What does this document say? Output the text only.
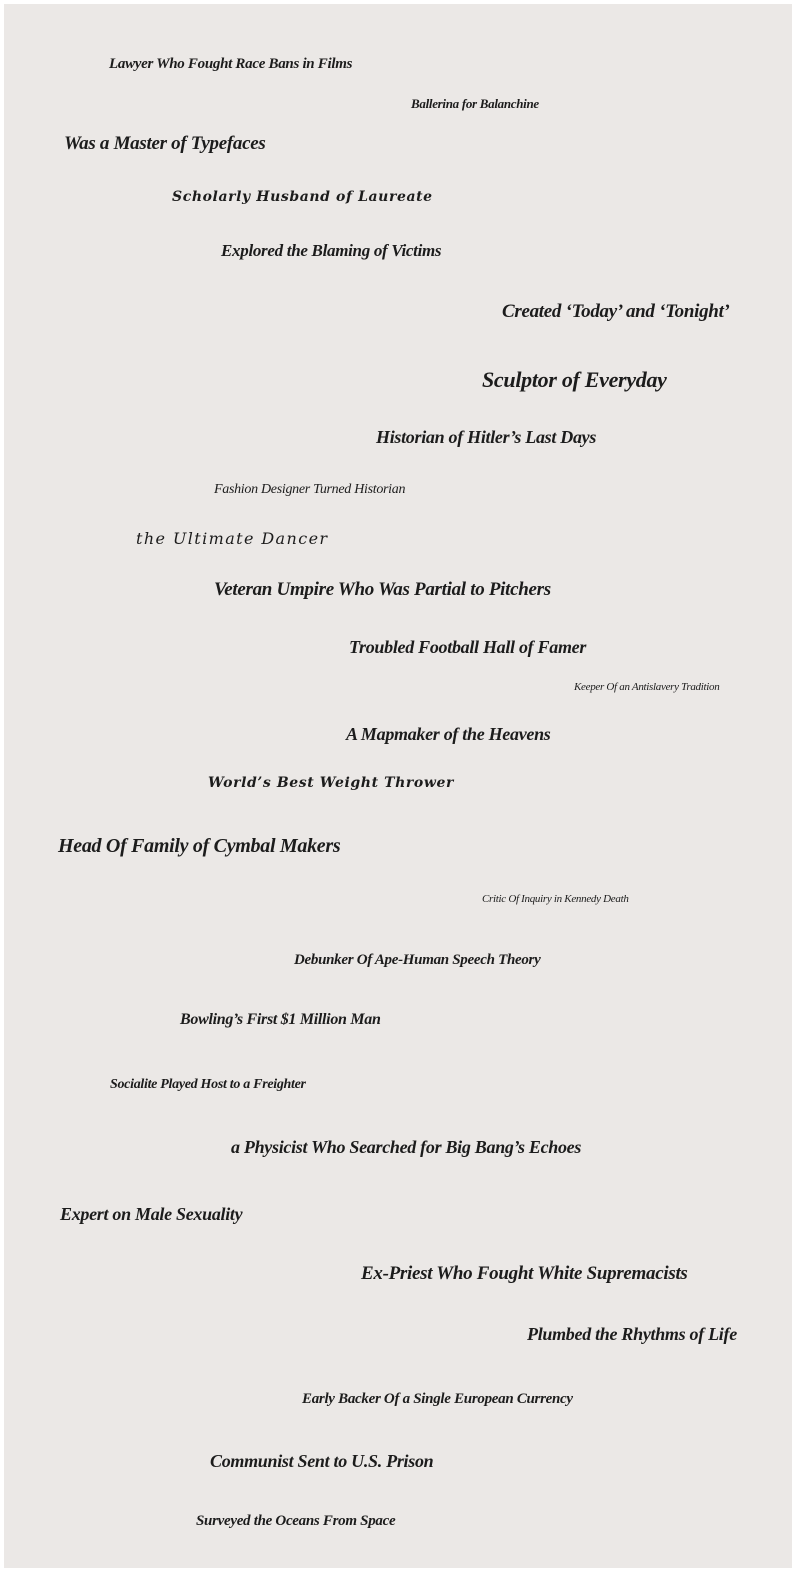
Lawyer Who Fought Race Bans in Films
Ballerina for Balanchine
Was a Master of Typefaces
Scholarly Husband of Laureate
Explored the Blaming of Victims
Created ‘Today’ and ‘Tonight’
Sculptor of Everyday
Historian of Hitler’s Last Days
Fashion Designer Turned Historian
the Ultimate Dancer
Veteran Umpire Who Was Partial to Pitchers
Troubled Football Hall of Famer
Keeper Of an Antislavery Tradition
A Mapmaker of the Heavens
World’s Best Weight Thrower
Head Of Family of Cymbal Makers
Critic Of Inquiry in Kennedy Death
Debunker Of Ape-Human Speech Theory
Bowling’s First $1 Million Man
Socialite Played Host to a Freighter
a Physicist Who Searched for Big Bang’s Echoes
Expert on Male Sexuality
Ex-Priest Who Fought White Supremacists
Plumbed the Rhythms of Life
Early Backer Of a Single European Currency
Communist Sent to U.S. Prison
Surveyed the Oceans From Space
